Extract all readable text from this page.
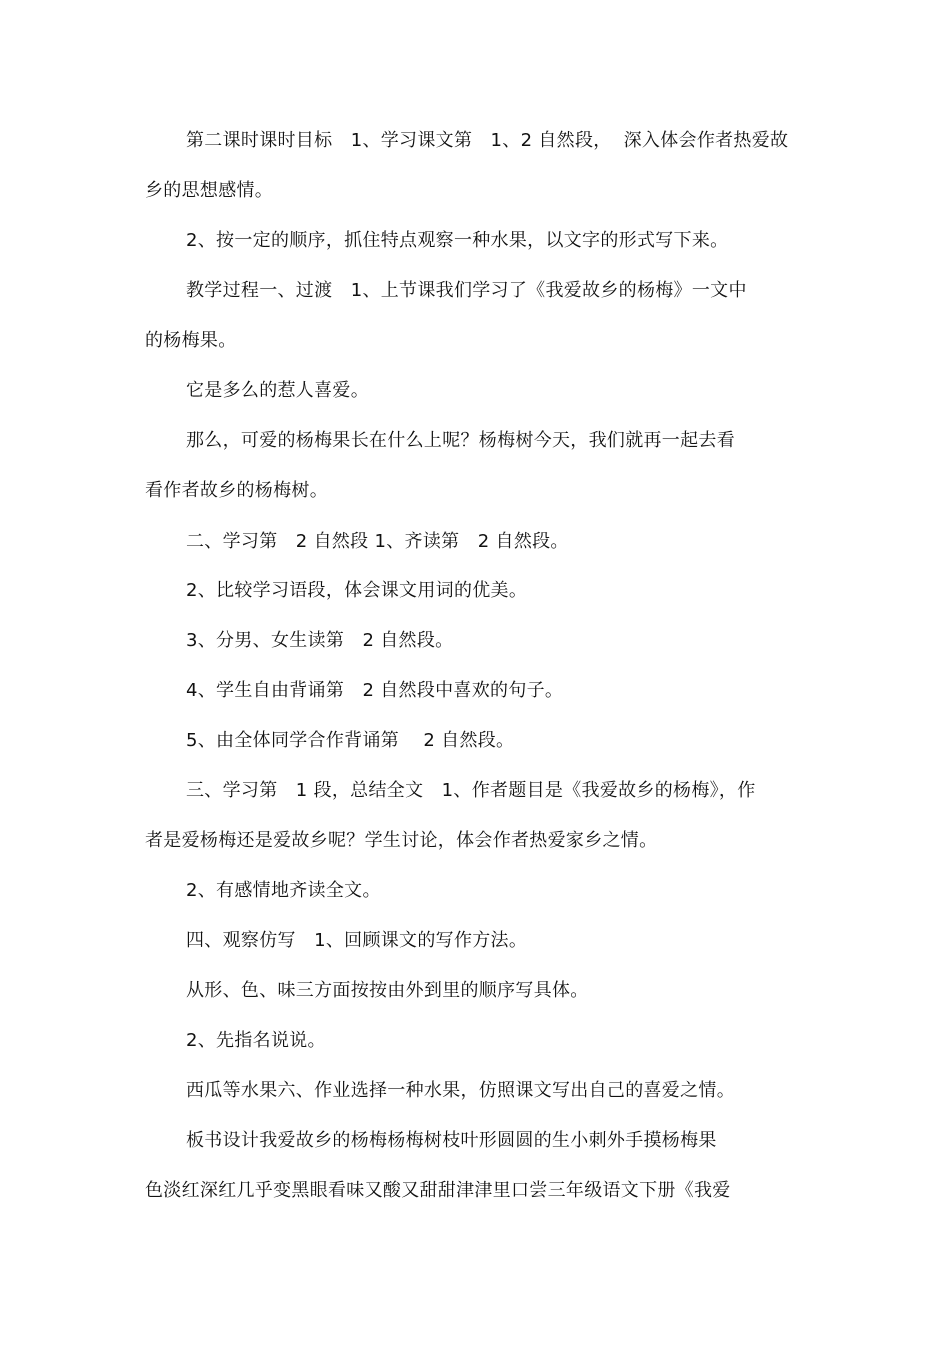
第二课时课时目标　1、学习课文第　1、2 自然段，  深入体会作者热爱故
乡的思想感情。
2、按一定的顺序，抓住特点观察一种水果，以文字的形式写下来。
教学过程一、过渡　1、上节课我们学习了《我爱故乡的杨梅》一文中
的杨梅果。
它是多么的惹人喜爱。
那么，可爱的杨梅果长在什么上呢？杨梅树今天，我们就再一起去看
看作者故乡的杨梅树。
二、学习第　2 自然段 1、齐读第　2 自然段。
2、比较学习语段，体会课文用词的优美。
3、分男、女生读第　2 自然段。
4、学生自由背诵第　2 自然段中喜欢的句子。
5、由全体同学合作背诵第　 2 自然段。
三、学习第　1 段，总结全文　1、作者题目是《我爱故乡的杨梅》，作
者是爱杨梅还是爱故乡呢？学生讨论，体会作者热爱家乡之情。
2、有感情地齐读全文。
四、观察仿写　1、回顾课文的写作方法。
从形、色、味三方面按按由外到里的顺序写具体。
2、先指名说说。
西瓜等水果六、作业选择一种水果，仿照课文写出自己的喜爱之情。
板书设计我爱故乡的杨梅杨梅树枝叶形圆圆的生小刺外手摸杨梅果
色淡红深红几乎变黑眼看味又酸又甜甜津津里口尝三年级语文下册《我爱
